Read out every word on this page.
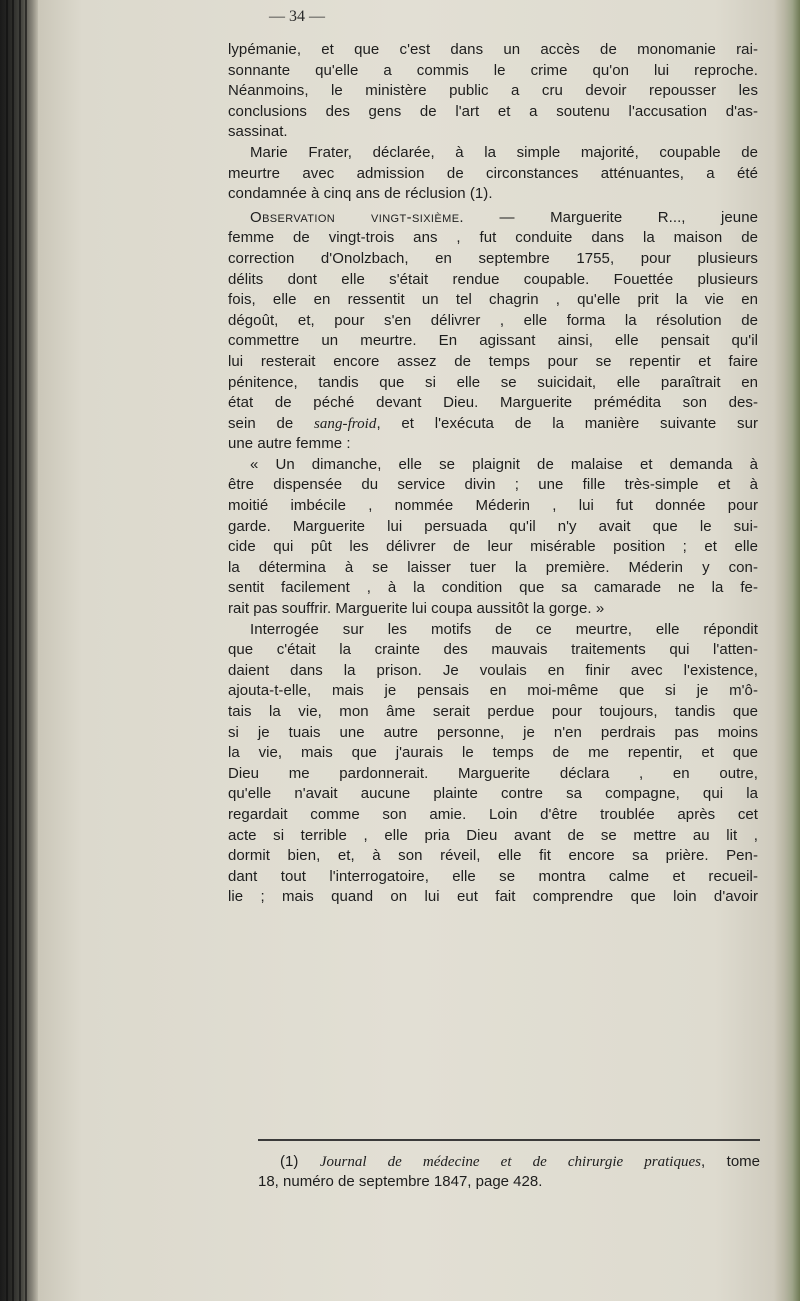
— 34 —
lypémanie, et que c'est dans un accès de monomanie rai-
sonnante qu'elle a commis le crime qu'on lui reproche.
Néanmoins, le ministère public a cru devoir repousser les
conclusions des gens de l'art et a soutenu l'accusation d'as-
sassinat.
Marie Frater, déclarée, à la simple majorité, coupable de
meurtre avec admission de circonstances atténuantes, a été
condamnée à cinq ans de réclusion (1).
Observation vingt-sixième. — Marguerite R..., jeune
femme de vingt-trois ans , fut conduite dans la maison de
correction d'Onolzbach, en septembre 1755, pour plusieurs
délits dont elle s'était rendue coupable. Fouettée plusieurs
fois, elle en ressentit un tel chagrin , qu'elle prit la vie en
dégoût, et, pour s'en délivrer , elle forma la résolution de
commettre un meurtre. En agissant ainsi, elle pensait qu'il
lui resterait encore assez de temps pour se repentir et faire
pénitence, tandis que si elle se suicidait, elle paraîtrait en
état de péché devant Dieu. Marguerite prémédita son des-
sein de sang-froid, et l'exécuta de la manière suivante sur
une autre femme :
« Un dimanche, elle se plaignit de malaise et demanda à
être dispensée du service divin ; une fille très-simple et à
moitié imbécile , nommée Méderin , lui fut donnée pour
garde. Marguerite lui persuada qu'il n'y avait que le sui-
cide qui pût les délivrer de leur misérable position ; et elle
la détermina à se laisser tuer la première. Méderin y con-
sentit facilement , à la condition que sa camarade ne la fe-
rait pas souffrir. Marguerite lui coupa aussitôt la gorge. »
Interrogée sur les motifs de ce meurtre, elle répondit
que c'était la crainte des mauvais traitements qui l'atten-
daient dans la prison. Je voulais en finir avec l'existence,
ajouta-t-elle, mais je pensais en moi-même que si je m'ô-
tais la vie, mon âme serait perdue pour toujours, tandis que
si je tuais une autre personne, je n'en perdrais pas moins
la vie, mais que j'aurais le temps de me repentir, et que
Dieu me pardonnerait. Marguerite déclara , en outre,
qu'elle n'avait aucune plainte contre sa compagne, qui la
regardait comme son amie. Loin d'être troublée après cet
acte si terrible , elle pria Dieu avant de se mettre au lit ,
dormit bien, et, à son réveil, elle fit encore sa prière. Pen-
dant tout l'interrogatoire, elle se montra calme et recueil-
lie ; mais quand on lui eut fait comprendre que loin d'avoir
(1) Journal de médecine et de chirurgie pratiques, tome
18, numéro de septembre 1847, page 428.
